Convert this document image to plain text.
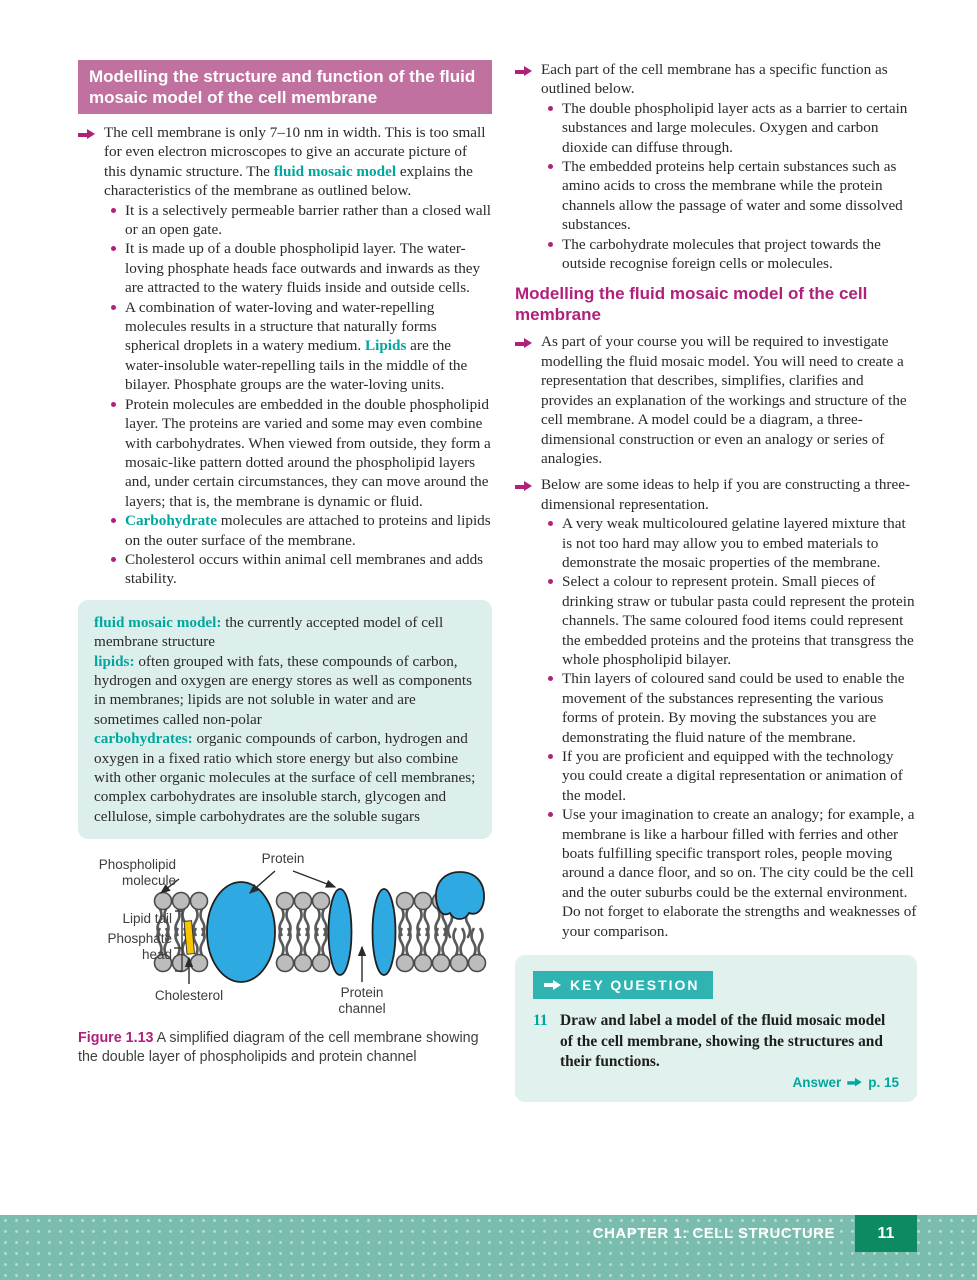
Modelling the structure and function of the fluid mosaic model of the cell membrane

The cell membrane is only 7–10 nm in width. This is too small for even electron microscopes to give an accurate picture of this dynamic structure. The fluid mosaic model explains the characteristics of the membrane as outlined below.

It is a selectively permeable barrier rather than a closed wall or an open gate.
It is made up of a double phospholipid layer. The water-loving phosphate heads face outwards and inwards as they are attracted to the watery fluids inside and outside cells.
A combination of water-loving and water-repelling molecules results in a structure that naturally forms spherical droplets in a watery medium. Lipids are the water-insoluble water-repelling tails in the middle of the bilayer. Phosphate groups are the water-loving units.
Protein molecules are embedded in the double phospholipid layer. The proteins are varied and some may even combine with carbohydrates. When viewed from outside, they form a mosaic-like pattern dotted around the phospholipid layers and, under certain circumstances, they can move around the layers; that is, the membrane is dynamic or fluid.
Carbohydrate molecules are attached to proteins and lipids on the outer surface of the membrane.
Cholesterol occurs within animal cell membranes and adds stability.

fluid mosaic model: the currently accepted model of cell membrane structure

lipids: often grouped with fats, these compounds of carbon, hydrogen and oxygen are energy stores as well as components in membranes; lipids are not soluble in water and are sometimes called non-polar

carbohydrates: organic compounds of carbon, hydrogen and oxygen in a fixed ratio which store energy but also combine with other organic molecules at the surface of cell membranes; complex carbohydrates are insoluble starch, glycogen and cellulose, simple carbohydrates are the soluble sugars

Phospholipid molecule
Protein
Lipid tail
Phosphate head
Cholesterol	Protein channel

Figure 1.13 A simplified diagram of the cell membrane showing the double layer of phospholipids and protein channel

Each part of the cell membrane has a specific function as outlined below.

The double phospholipid layer acts as a barrier to certain substances and large molecules. Oxygen and carbon dioxide can diffuse through.
The embedded proteins help certain substances such as amino acids to cross the membrane while the protein channels allow the passage of water and some dissolved substances.
The carbohydrate molecules that project towards the outside recognise foreign cells or molecules.
Modelling the fluid mosaic model of the cell membrane

As part of your course you will be required to investigate modelling the fluid mosaic model. You will need to create a representation that describes, simplifies, clarifies and provides an explanation of the workings and structure of the cell membrane. A model could be a diagram, a three-dimensional construction or even an analogy or series of analogies.

Below are some ideas to help if you are constructing a three-dimensional representation.

A very weak multicoloured gelatine layered mixture that is not too hard may allow you to embed materials to demonstrate the mosaic properties of the membrane.
Select a colour to represent protein. Small pieces of drinking straw or tubular pasta could represent the protein channels. The same coloured food items could represent the embedded proteins and the proteins that transgress the whole phospholipid bilayer.
Thin layers of coloured sand could be used to enable the movement of the substances representing the various forms of protein. By moving the substances you are demonstrating the fluid nature of the membrane.
If you are proficient and equipped with the technology you could create a digital representation or animation of the model.
Use your imagination to create an analogy; for example, a membrane is like a harbour filled with ferries and other boats fulfilling specific transport roles, people moving around a dance floor, and so on. The city could be the cell and the outer suburbs could be the external environment. Do not forget to elaborate the strengths and weaknesses of your comparison.
KEY QUESTION
11 Draw and label a model of the fluid mosaic model of the cell membrane, showing the structures and their functions.
Answer p. 15
CHAPTER 1: CELL STRUCTURE	11
